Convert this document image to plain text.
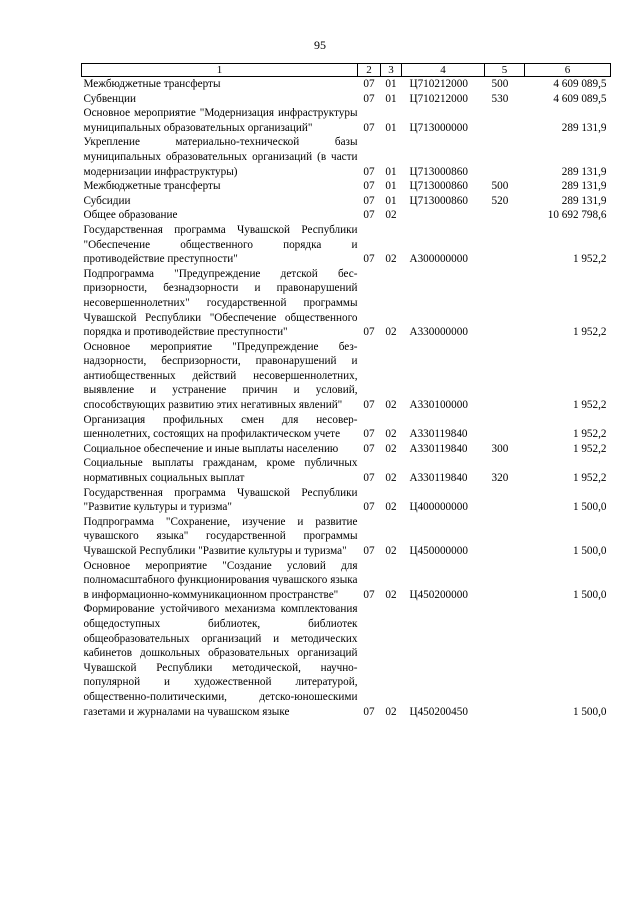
95
1	2	3	4	5	6
Межбюджетные трансферты	07	01	Ц710212000	500	4 609 089,5
Субвенции	07	01	Ц710212000	530	4 609 089,5
Основное мероприятие "Модернизация инфраструктуры муниципальных образовательных организаций"	07	01	Ц713000000		289 131,9
Укрепление материально-технической базы муниципальных образовательных организаций (в части модернизации инфраструктуры)	07	01	Ц713000860		289 131,9
Межбюджетные трансферты	07	01	Ц713000860	500	289 131,9
Субсидии	07	01	Ц713000860	520	289 131,9
Общее образование	07	02			10 692 798,6
Государственная программа Чувашской Республики "Обеспечение общественного порядка и противодействие преступности"	07	02	А300000000		1 952,2
Подпрограмма "Предупреждение детской беспризорности, безнадзорности и правонарушений несовершеннолетних" государственной программы Чувашской Республики "Обеспечение общественного порядка и противодействие преступности"	07	02	А330000000		1 952,2
Основное мероприятие "Предупреждение безнадзорности, беспризорности, правонарушений и антиобщественных действий несовершеннолетних, выявление и устранение причин и условий, способствующих развитию этих негативных явлений"	07	02	А330100000		1 952,2
Организация профильных смен для несовершеннолетних, состоящих на профилактическом учете	07	02	А330119840		1 952,2
Социальное обеспечение и иные выплаты населению	07	02	А330119840	300	1 952,2
Социальные выплаты гражданам, кроме публичных нормативных социальных выплат	07	02	А330119840	320	1 952,2
Государственная программа Чувашской Республики "Развитие культуры и туризма"	07	02	Ц400000000		1 500,0
Подпрограмма "Сохранение, изучение и развитие чувашского языка" государственной программы Чувашской Республики "Развитие культуры и туризма"	07	02	Ц450000000		1 500,0
Основное мероприятие "Создание условий для полномасштабного функционирования чувашского языка в информационно-коммуникационном пространстве"	07	02	Ц450200000		1 500,0
Формирование устойчивого механизма комплектования общедоступных библиотек, библиотек общеобразовательных организаций и методических кабинетов дошкольных образовательных организаций Чувашской Республики методической, научно-популярной и художественной литературой, общественно-политическими, детско-юношескими газетами и журналами на чувашском языке	07	02	Ц450200450		1 500,0
